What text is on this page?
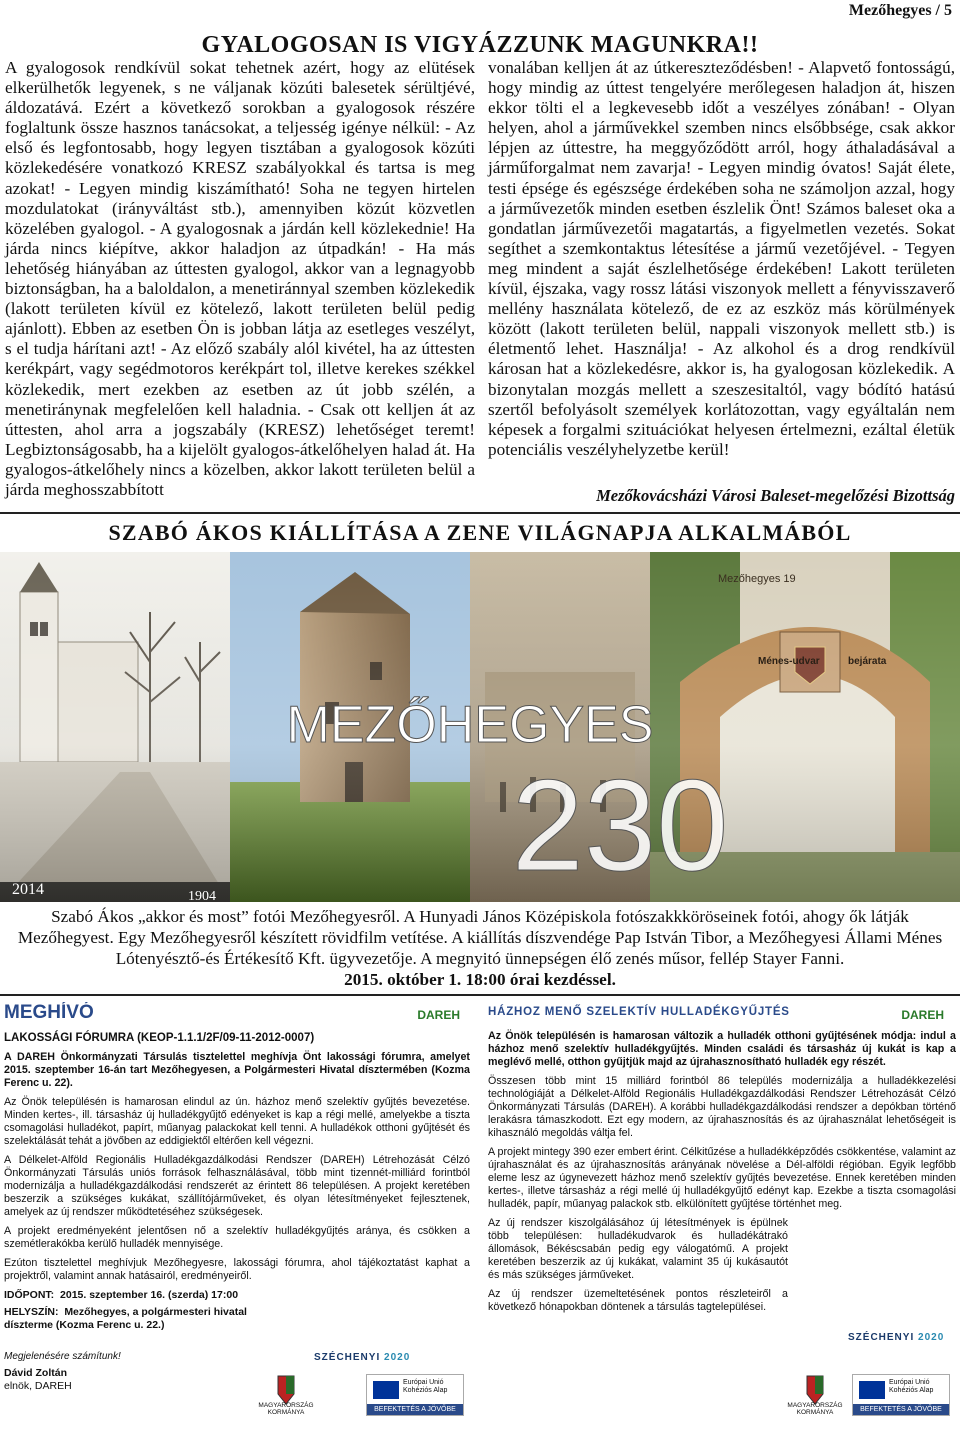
Mezőhegyes / 5
GYALOGOSAN IS VIGYÁZZUNK MAGUNKRA!!
A gyalogosok rendkívül sokat tehetnek azért, hogy az elütések elkerülhetők legyenek, s ne váljanak közúti balesetek sérültjévé, áldozatává. Ezért a következő sorokban a gyalogosok részére foglaltunk össze hasznos tanácsokat, a teljesség igénye nélkül: - Az első és legfontosabb, hogy legyen tisztában a gyalogosok közúti közlekedésére vonatkozó KRESZ szabályokkal és tartsa is meg azokat! - Legyen mindig kiszámítható! Soha ne tegyen hirtelen mozdulatokat (irányváltást stb.), amennyiben közút közvetlen közelében gyalogol. - A gyalogosnak a járdán kell közlekednie! Ha járda nincs kiépítve, akkor haladjon az útpadkán! - Ha más lehetőség hiányában az úttesten gyalogol, akkor van a legnagyobb biztonságban, ha a baloldalon, a menetiránnyal szemben közlekedik (lakott területen kívül ez kötelező, lakott területen belül pedig ajánlott). Ebben az esetben Ön is jobban látja az esetleges veszélyt, s el tudja hárítani azt! - Az előző szabály alól kivétel, ha az úttesten kerékpárt, vagy segédmotoros kerékpárt tol, illetve kerekes székkel közlekedik, mert ezekben az esetben az út jobb szélén, a menetiránynak megfelelően kell haladnia. - Csak ott kelljen át az úttesten, ahol arra a jogszabály (KRESZ) lehetőséget teremt! Legbiztonságosabb, ha a kijelölt gyalogos-átkelőhelyen halad át. Ha gyalogos-átkelőhely nincs a közelben, akkor lakott területen belül a járda meghosszabbított
vonalában kelljen át az útkereszteződésben! - Alapvető fontosságú, hogy mindig az úttest tengelyére merőlegesen haladjon át, hiszen ekkor tölti el a legkevesebb időt a veszélyes zónában! - Olyan helyen, ahol a járművekkel szemben nincs elsőbbsége, csak akkor lépjen az úttestre, ha meggyőződött arról, hogy áthaladásával a járműforgalmat nem zavarja! - Legyen mindig óvatos! Saját élete, testi épsége és egészsége érdekében soha ne számoljon azzal, hogy a járművezetők minden esetben észlelik Önt! Számos baleset oka a gondatlan járművezetői magatartás, a figyelmetlen vezetés. Sokat segíthet a szemkontaktus létesítése a jármű vezetőjével. - Tegyen meg mindent a saját észlelhetősége érdekében! Lakott területen kívül, éjszaka, vagy rossz látási viszonyok mellett a fényvisszaverő mellény használata kötelező, de ez az eszköz más körülmények között (lakott területen belül, nappali viszonyok mellett stb.) is életmentő lehet. Használja! - Az alkohol és a drog rendkívül károsan hat a közlekedésre, akkor is, ha gyalogosan közlekedik. A bizonytalan mozgás mellett a szeszesitaltól, vagy bódító hatású szertől befolyásolt személyek korlátozottan, vagy egyáltalán nem képesek a forgalmi szituációkat helyesen értelmezni, ezáltal életük potenciális veszélyhelyzetbe kerül!
Mezőkovácsházi Városi Baleset-megelőzési Bizottság
SZABÓ ÁKOS KIÁLLÍTÁSA A ZENE VILÁGNAPJA ALKALMÁBÓL
MEZŐHEGYES
230
2014	1904
Mezőhegyes 19
Ménes-udvar	bejárata
Szabó Ákos „akkor és most” fotói Mezőhegyesről. A Hunyadi János Középiskola fotószakkköröseinek fotói, ahogy ők látják Mezőhegyest. Egy Mezőhegyesről készített rövidfilm vetítése. A kiállítás díszvendége Pap István Tibor, a Mezőhegyesi Állami Ménes Lótenyésztő-és Értékesítő Kft. ügyvezetője. A megnyitó ünnepségen élő zenés műsor, fellép Stayer Fanni.
2015. október 1. 18:00 órai kezdéssel.
MEGHÍVÓ	DAREH
LAKOSSÁGI FÓRUMRA (KEOP-1.1.1/2F/09-11-2012-0007)
A DAREH Önkormányzati Társulás tisztelettel meghívja Önt lakossági fórumra, amelyet 2015. szeptember 16-án tart Mezőhegyesen, a Polgármesteri Hivatal dísztermében (Kozma Ferenc u. 22).
Az Önök településén is hamarosan elindul az ún. házhoz menő szelektív gyűjtés bevezetése. Minden kertes-, ill. társasház új hulladékgyűjtő edényeket is kap a régi mellé, amelyekbe a tiszta csomagolási hulladékot, papírt, műanyag palackokat kell tenni. A hulladékok otthoni gyűjtését és szelektálását tehát a jövőben az eddigiektől eltérően kell végezni.
A Délkelet-Alföld Regionális Hulladékgazdálkodási Rendszer (DAREH) Létrehozását Célzó Önkormányzati Társulás uniós források felhasználásával, több mint tizennét-milliárd forintból modernizálja a hulladékgazdálkodási rendszerét az érintett 86 településen. A projekt keretében beszerzik a szükséges kukákat, szállítójárműveket, és olyan létesítményeket fejlesztenek, amelyek az új rendszer működtetéséhez szükségesek.
A projekt eredményeként jelentősen nő a szelektív hulladékgyűjtés aránya, és csökken a szemétlerakókba kerülő hulladék mennyisége.
Ezúton tisztelettel meghívjuk Mezőhegyesre, lakossági fórumra, ahol tájékoztatást kaphat a projektről, valamint annak hatásairól, eredményeiről.
IDŐPONT: 2015. szeptember 16. (szerda) 17:00
HELYSZÍN: Mezőhegyes, a polgármesteri hivatal díszterme (Kozma Ferenc u. 22.)
Megjelenésére számítunk!
Dávid Zoltán
elnök, DAREH
SZÉCHENYI 2020
MAGYARORSZÁG KORMÁNYA
Európai Unió
Kohéziós Alap
BEFEKTETÉS A JÖVŐBE
HÁZHOZ MENŐ SZELEKTÍV HULLADÉKGYŰJTÉS	DAREH
Az Önök településén is hamarosan változik a hulladék otthoni gyűjtésének módja: indul a házhoz menő szelektív hulladékgyűjtés. Minden családi és társasház új kukát is kap a meglévő mellé, otthon gyűjtjük majd az újrahasznosítható hulladék egy részét.
Összesen több mint 15 milliárd forintból 86 település modernizálja a hulladékkezelési technológiáját a Délkelet-Alföld Regionális Hulladékgazdálkodási Rendszer Létrehozását Célzó Önkormányzati Társulás (DAREH). A korábbi hulladékgazdálkodási rendszer a depókban történő lerakásra támaszkodott. Ezt egy modern, az újrahasznosítás és az újrahasználat lehetőségeit is kihasználó megoldás váltja fel.
A projekt mintegy 390 ezer embert érint. Célkitűzése a hulladékképződés csökkentése, valamint az újrahasználat és az újrahasznosítás arányának növelése a Dél-alföldi régióban. Egyik legfőbb eleme lesz az úgynevezett házhoz menő szelektív gyűjtés bevezetése. Ennek keretében minden kertes-, illetve társasház a régi mellé új hulladékgyűjtő edényt kap. Ezekbe a tiszta csomagolási hulladék, papír, műanyag palackok stb. elkülönített gyűjtése történhet meg.
Az új rendszer kiszolgálásához új létesítmények is épülnek több településen: hulladékudvarok és hulladékátrakó állomások, Békéscsabán pedig egy válogatómű. A projekt keretében beszerzik az új kukákat, valamint 35 új kukásautót és más szükséges járműveket.
Az új rendszer üzemeltetésének pontos részleteiről a következő hónapokban döntenek a társulás tagtelepülései.
SZÉCHENYI 2020
MAGYARORSZÁG KORMÁNYA
Európai Unió
Kohéziós Alap
BEFEKTETÉS A JÖVŐBE
